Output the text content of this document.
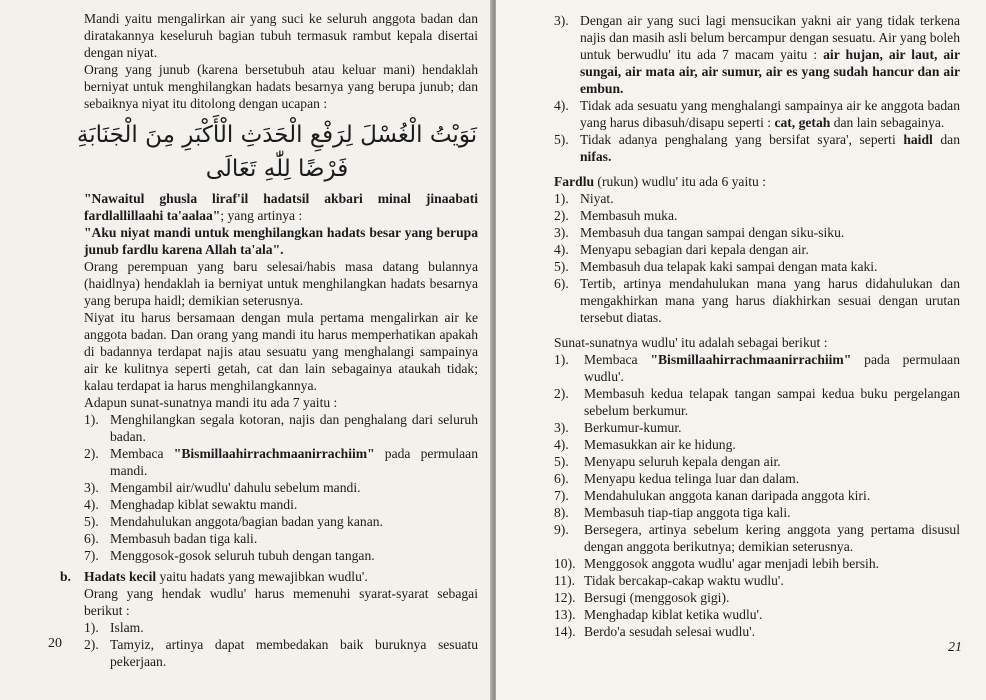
Mandi yaitu mengalirkan air yang suci ke seluruh anggota badan dan diratakannya keseluruh bagian tubuh termasuk rambut kepala disertai dengan niyat.

Orang yang junub (karena bersetubuh atau keluar mani) hendaklah berniyat untuk menghilangkan hadats besarnya yang berupa junub; dan sebaiknya niyat itu ditolong dengan ucapan :

نَوَيْتُ الْغُسْلَ لِرَفْعِ الْحَدَثِ الْأَكْبَرِ مِنَ الْجَنَابَةِ فَرْضًا لِلّٰهِ تَعَالَى

"Nawaitul ghusla liraf'il hadatsil akbari minal jinaabati fardlallillaahi ta'aalaa"; yang artinya :

"Aku niyat mandi untuk menghilangkan hadats besar yang berupa junub fardlu karena Allah ta'ala".

Orang perempuan yang baru selesai/habis masa datang bulannya (haidlnya) hendaklah ia berniyat untuk menghilangkan hadats besarnya yang berupa haidl; demikian seterusnya.

Niyat itu harus bersamaan dengan mula pertama mengalirkan air ke anggota badan. Dan orang yang mandi itu harus memperhatikan apakah di badannya terdapat najis atau sesuatu yang menghalangi sampainya air ke kulitnya seperti getah, cat dan lain sebagainya ataukah tidak; kalau terdapat ia harus menghilangkannya.

Adapun sunat-sunatnya mandi itu ada 7 yaitu :

1). Menghilangkan segala kotoran, najis dan penghalang dari seluruh badan.
2). Membaca "Bismillaahirrachmaanirrachiim" pada permulaan mandi.
3). Mengambil air/wudlu' dahulu sebelum mandi.
4). Menghadap kiblat sewaktu mandi.
5). Mendahulukan anggota/bagian badan yang kanan.
6). Membasuh badan tiga kali.
7). Menggosok-gosok seluruh tubuh dengan tangan.
b. Hadats kecil yaitu hadats yang mewajibkan wudlu'.

Orang yang hendak wudlu' harus memenuhi syarat-syarat sebagai berikut :

1). Islam.
2). Tamyiz, artinya dapat membedakan baik buruknya sesuatu pekerjaan.
20
3). Dengan air yang suci lagi mensucikan yakni air yang tidak terkena najis dan masih asli belum bercampur dengan sesuatu. Air yang boleh untuk berwudlu' itu ada 7 macam yaitu : air hujan, air laut, air sungai, air mata air, air sumur, air es yang sudah hancur dan air embun.
4). Tidak ada sesuatu yang menghalangi sampainya air ke anggota badan yang harus dibasuh/disapu seperti : cat, getah dan lain sebagainya.
5). Tidak adanya penghalang yang bersifat syara', seperti haidl dan nifas.

Fardlu (rukun) wudlu' itu ada 6 yaitu :

1). Niyat.
2). Membasuh muka.
3). Membasuh dua tangan sampai dengan siku-siku.
4). Menyapu sebagian dari kepala dengan air.
5). Membasuh dua telapak kaki sampai dengan mata kaki.
6). Tertib, artinya mendahulukan mana yang harus didahulukan dan mengakhirkan mana yang harus diakhirkan sesuai dengan urutan tersebut diatas.

Sunat-sunatnya wudlu' itu adalah sebagai berikut :

1).	Membaca "Bismillaahirrachmaanirrachiim" pada permulaan wudlu'.
2).	Membasuh kedua telapak tangan sampai kedua buku pergelangan sebelum berkumur.
3).	Berkumur-kumur.
4).	Memasukkan air ke hidung.
5).	Menyapu seluruh kepala dengan air.
6).	Menyapu kedua telinga luar dan dalam.
7).	Mendahulukan anggota kanan daripada anggota kiri.
8).	Membasuh tiap-tiap anggota tiga kali.
9).	Bersegera, artinya sebelum kering anggota yang pertama disusul dengan anggota berikutnya; demikian seterusnya.
10). Menggosok anggota wudlu' agar menjadi lebih bersih.
11). Tidak bercakap-cakap waktu wudlu'.
12). Bersugi (menggosok gigi).
13). Menghadap kiblat ketika wudlu'.
14). Berdo'a sesudah selesai wudlu'.
21
